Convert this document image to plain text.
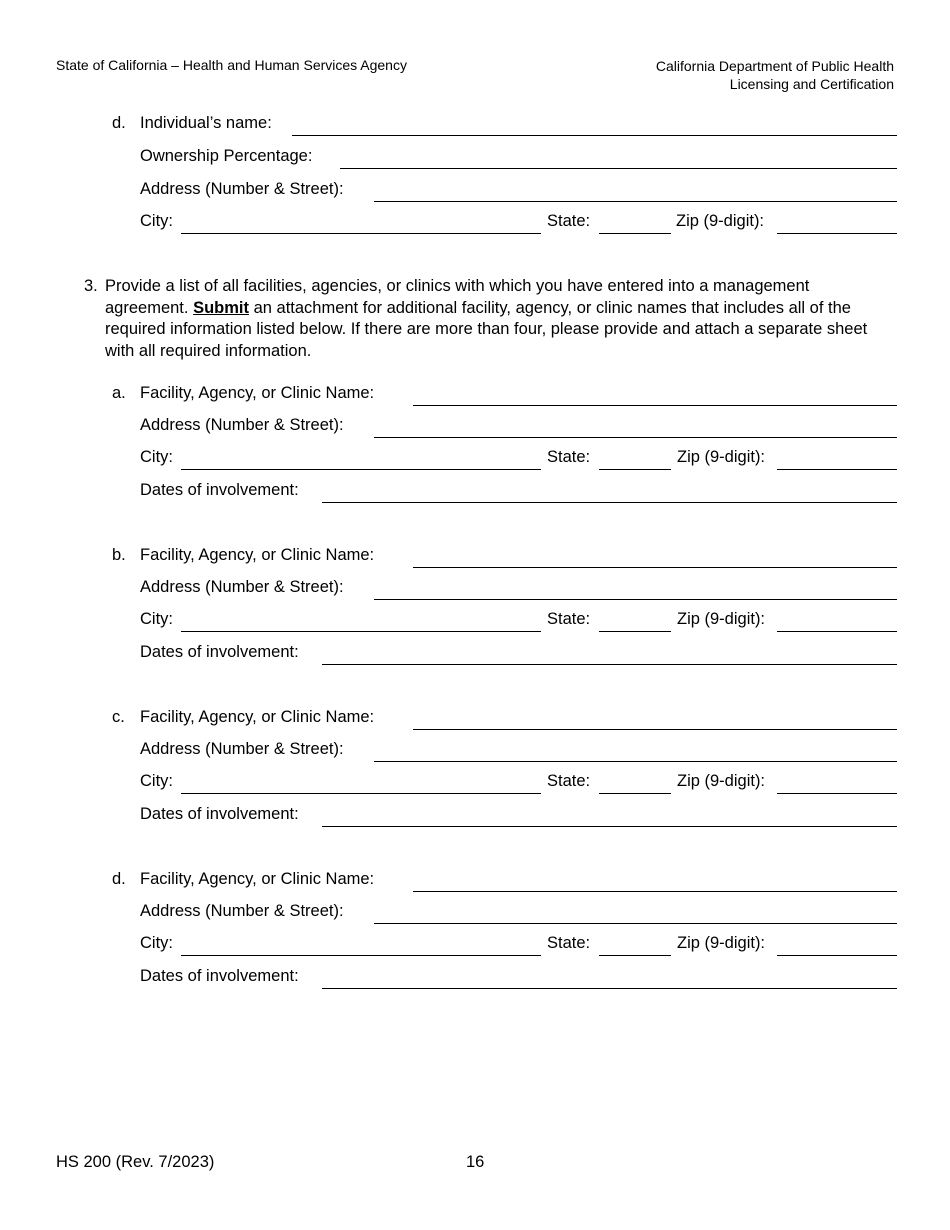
State of California – Health and Human Services Agency	California Department of Public Health
Licensing and Certification
d. Individual’s name:
Ownership Percentage:
Address (Number & Street):
City:	State:	Zip (9-digit):
3. Provide a list of all facilities, agencies, or clinics with which you have entered into a management agreement. Submit an attachment for additional facility, agency, or clinic names that includes all of the required information listed below. If there are more than four, please provide and attach a separate sheet with all required information.
a. Facility, Agency, or Clinic Name:
Address (Number & Street):
City:	State:	Zip (9-digit):
Dates of involvement:
b. Facility, Agency, or Clinic Name:
Address (Number & Street):
City:	State:	Zip (9-digit):
Dates of involvement:
c. Facility, Agency, or Clinic Name:
Address (Number & Street):
City:	State:	Zip (9-digit):
Dates of involvement:
d. Facility, Agency, or Clinic Name:
Address (Number & Street):
City:	State:	Zip (9-digit):
Dates of involvement:
HS 200 (Rev. 7/2023)	16
